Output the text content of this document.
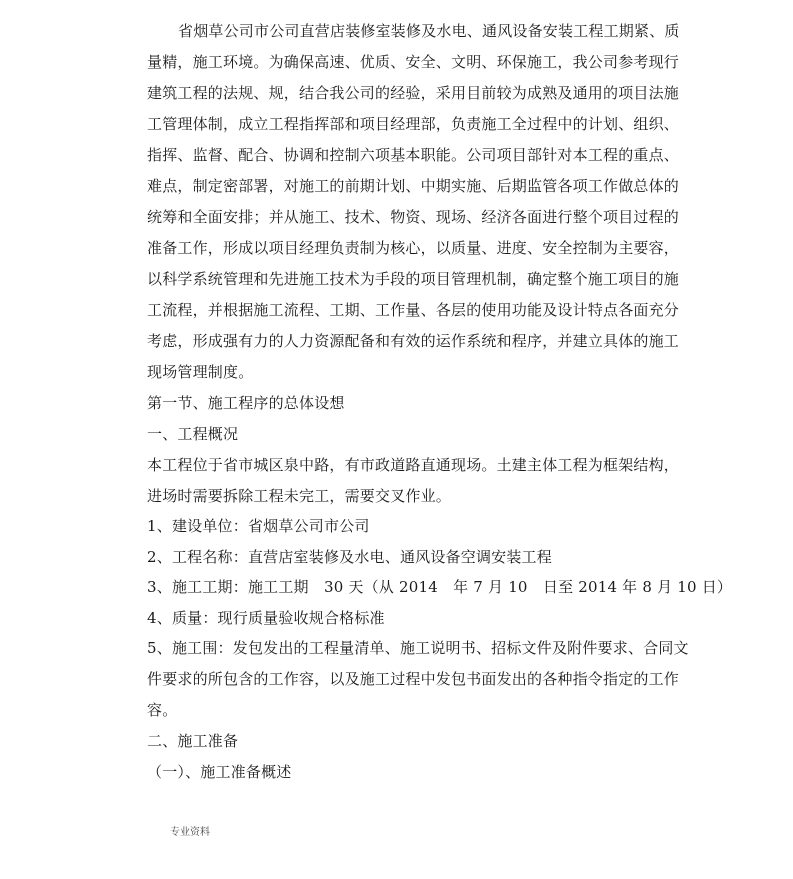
省烟草公司市公司直营店装修室装修及水电、通风设备安装工程工期紧、质
量精，施工环境。为确保高速、优质、安全、文明、环保施工，我公司参考现行
建筑工程的法规、规，结合我公司的经验，采用目前较为成熟及通用的项目法施
工管理体制，成立工程指挥部和项目经理部，负责施工全过程中的计划、组织、
指挥、监督、配合、协调和控制六项基本职能。公司项目部针对本工程的重点、
难点，制定密部署，对施工的前期计划、中期实施、后期监管各项工作做总体的
统筹和全面安排；并从施工、技术、物资、现场、经济各面进行整个项目过程的
准备工作，形成以项目经理负责制为核心，以质量、进度、安全控制为主要容，
以科学系统管理和先进施工技术为手段的项目管理机制，确定整个施工项目的施
工流程，并根据施工流程、工期、工作量、各层的使用功能及设计特点各面充分
考虑，形成强有力的人力资源配备和有效的运作系统和程序，并建立具体的施工
现场管理制度。
第一节、施工程序的总体设想
一、工程概况
本工程位于省市城区泉中路，有市政道路直通现场。土建主体工程为框架结构，
进场时需要拆除工程未完工，需要交叉作业。
1、建设单位：省烟草公司市公司
2、工程名称：直营店室装修及水电、通风设备空调安装工程
3、施工工期：施工工期　30 天（从 2014　年 7 月 10　日至 2014 年 8 月 10 日）
4、质量：现行质量验收规合格标准
5、施工围：发包发出的工程量清单、施工说明书、招标文件及附件要求、合同文
件要求的所包含的工作容，以及施工过程中发包书面发出的各种指令指定的工作
容。
二、施工准备
（一）、施工准备概述
专业资料
